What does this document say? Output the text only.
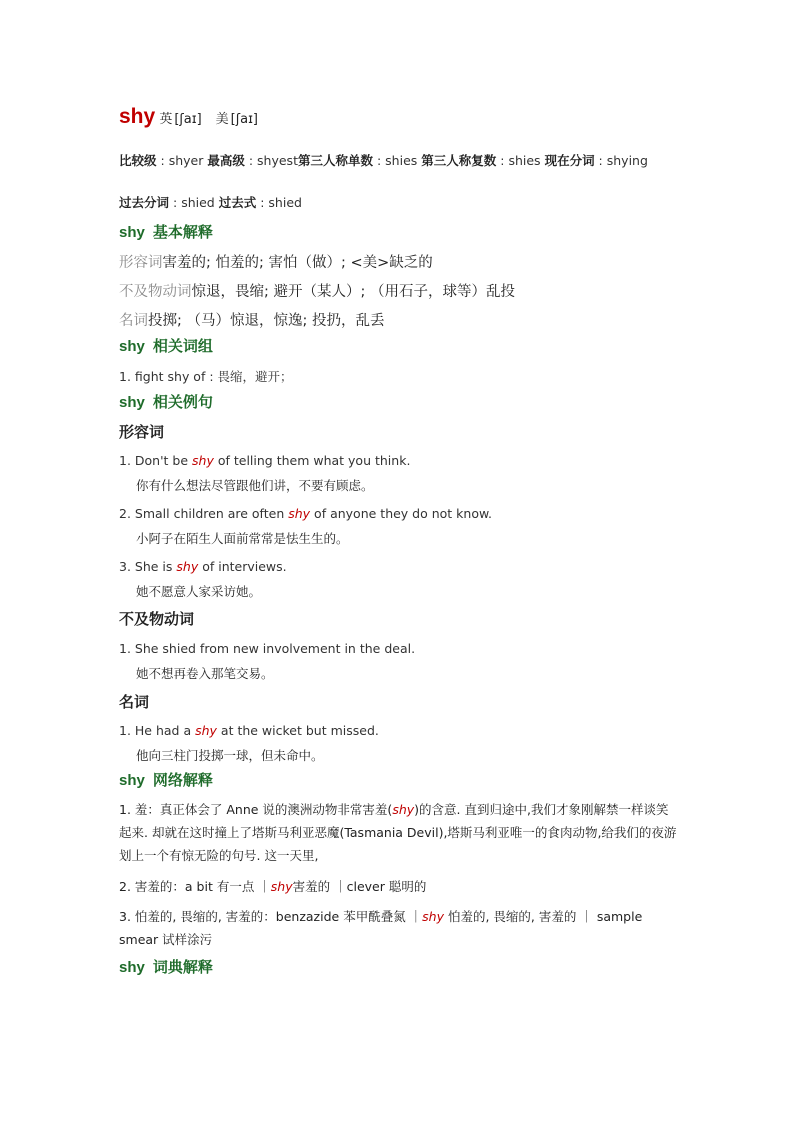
shy 英 [ʃaɪ] 美 [ʃaɪ]
比较级 : shyer 最高级 : shyest第三人称单数 : shies 第三人称复数 : shies 现在分词 : shying
过去分词 : shied 过去式 : shied
shy 基本解释
形容词害羞的; 怕羞的; 害怕（做）; <美>缺乏的
不及物动词惊退，畏缩; 避开（某人）; （用石子，球等）乱投
名词投掷; （马）惊退，惊逸; 投扔，乱丢
shy 相关词组
1. fight shy of : 畏缩，避开；
shy 相关例句
形容词
1. Don't be shy of telling them what you think.
你有什么想法尽管跟他们讲，不要有顾虑。
2. Small children are often shy of anyone they do not know.
小阿子在陌生人面前常常是怯生生的。
3. She is shy of interviews.
她不愿意人家采访她。
不及物动词
1. She shied from new involvement in the deal.
她不想再卷入那笔交易。
名词
1. He had a shy at the wicket but missed.
他向三柱门投掷一球，但未命中。
shy 网络解释
1. 羞：真正体会了 Anne 说的澳洲动物非常害羞(shy)的含意. 直到归途中,我们才象刚解禁一样谈笑起来. 却就在这时撞上了塔斯马利亚恶魔(Tasmania Devil),塔斯马利亚唯一的食肉动物,给我们的夜游划上一个有惊无险的句号. 这一天里,
2. 害羞的：a bit 有一点 ｜shy害羞的 ｜clever 聪明的
3. 怕羞的, 畏缩的, 害羞的：benzazide 苯甲酰叠氮 ｜shy 怕羞的, 畏缩的, 害羞的 ｜ sample smear 试样涂污
shy 词典解释
